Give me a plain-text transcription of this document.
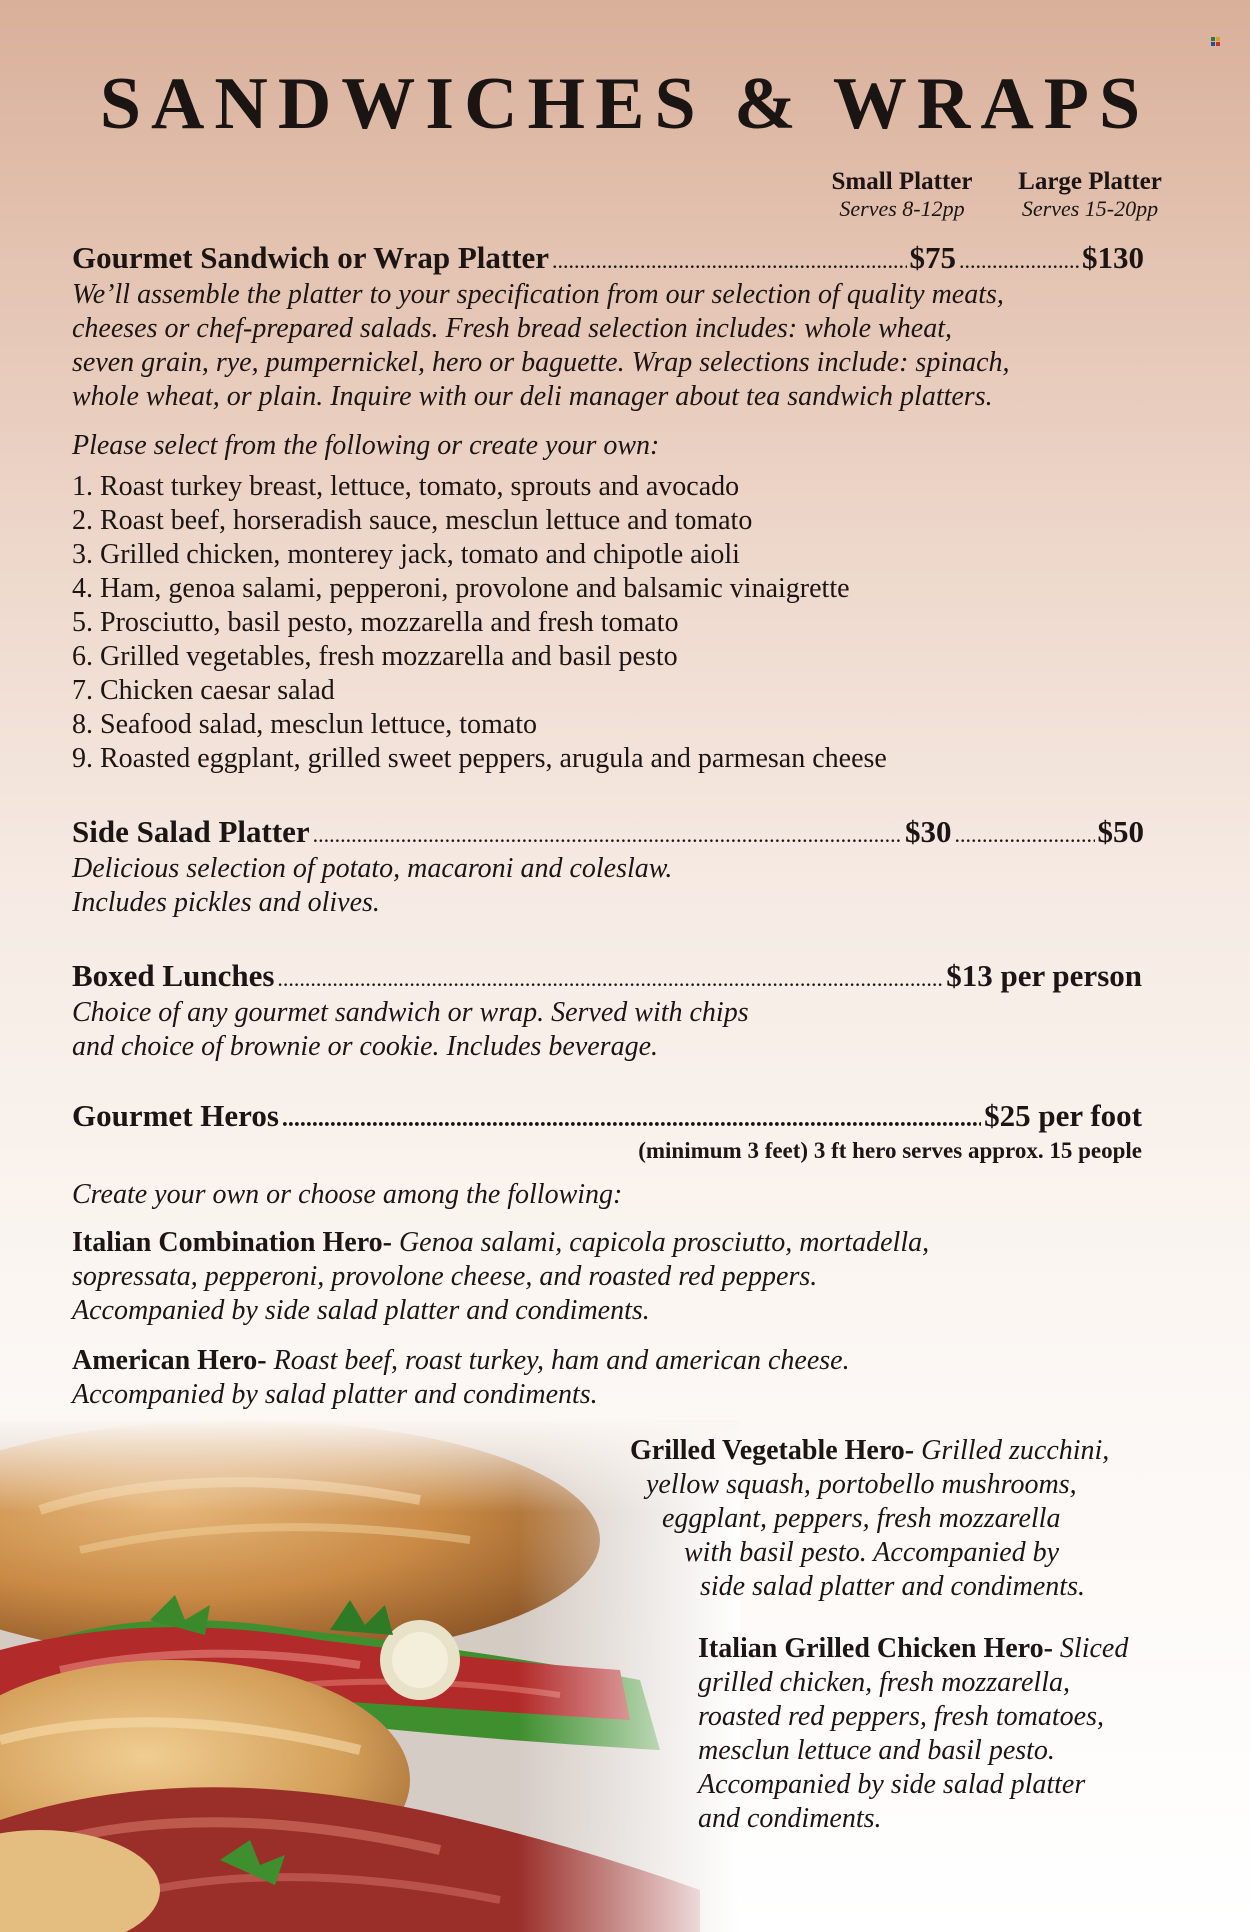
SANDWICHES & WRAPS
Small Platter
Serves 8-12pp
Large Platter
Serves 15-20pp
Gourmet Sandwich or Wrap Platter .....	$75 .....	$130
We’ll assemble the platter to your specification from our selection of quality meats,
cheeses or chef-prepared salads. Fresh bread selection includes: whole wheat,
seven grain, rye, pumpernickel, hero or baguette. Wrap selections include: spinach,
whole wheat, or plain. Inquire with our deli manager about tea sandwich platters.
Please select from the following or create your own:
1. Roast turkey breast, lettuce, tomato, sprouts and avocado
2. Roast beef, horseradish sauce, mesclun lettuce and tomato
3. Grilled chicken, monterey jack, tomato and chipotle aioli
4. Ham, genoa salami, pepperoni, provolone and balsamic vinaigrette
5. Prosciutto, basil pesto, mozzarella and fresh tomato
6. Grilled vegetables, fresh mozzarella and basil pesto
7. Chicken caesar salad
8. Seafood salad, mesclun lettuce, tomato
9. Roasted eggplant, grilled sweet peppers, arugula and parmesan cheese
Side Salad Platter .....	$30 .....	$50
Delicious selection of potato, macaroni and coleslaw.
Includes pickles and olives.
Boxed Lunches .....	$13 per person
Choice of any gourmet sandwich or wrap. Served with chips
and choice of brownie or cookie. Includes beverage.
Gourmet Heros .....	$25 per foot
(minimum 3 feet) 3 ft hero serves approx. 15 people
Create your own or choose among the following:
Italian Combination Hero- Genoa salami, capicola prosciutto, mortadella,
sopressata, pepperoni, provolone cheese, and roasted red peppers.
Accompanied by side salad platter and condiments.
American Hero- Roast beef, roast turkey, ham and american cheese.
Accompanied by salad platter and condiments.
Grilled Vegetable Hero- Grilled zucchini,
yellow squash, portobello mushrooms,
eggplant, peppers, fresh mozzarella
with basil pesto. Accompanied by
side salad platter and condiments.
Italian Grilled Chicken Hero- Sliced
grilled chicken, fresh mozzarella,
roasted red peppers, fresh tomatoes,
mesclun lettuce and basil pesto.
Accompanied by side salad platter
and condiments.
